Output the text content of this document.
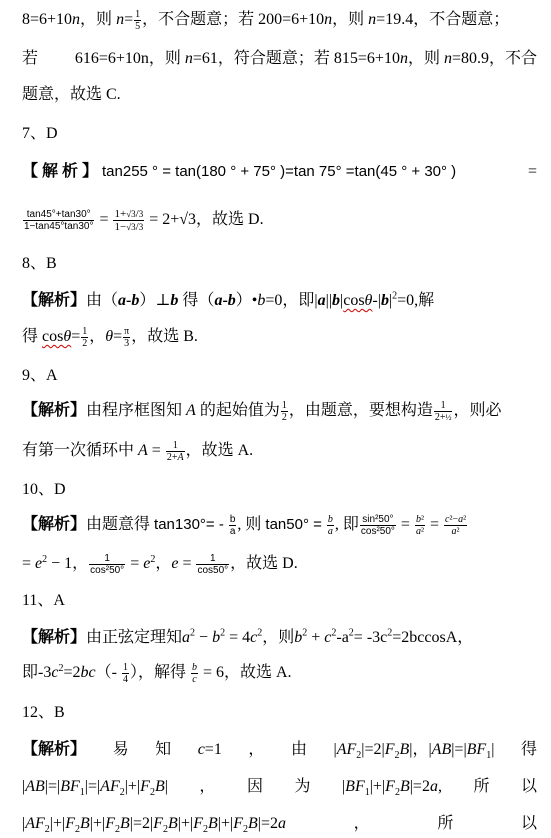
8=6+10n，则 $n= \frac{1}{5}$ ，不合题意；若 200=6+10n，则 n=19.4，不合题意；
若 616=6+10n，则 n=61，符合题意；若 815=6+10n，则 n=80.9，不合
题意，故选 C.
7、D
【 解 析 】 tan255 ° = tan(180 ° + 75° )=tan 75° =tan(45 ° + 30° )	=
$\frac{\tan 45^\circ+\tan 30^\circ}{1-\tan 45^\circ\tan 30^\circ} = \frac{1+√3/3}{1-√3/3} = 2+√3$，故选 D.
8、B
【解析】由（a-b）⊥b 得（a-b）•b=0，即$|a||b|\cos\theta-|b|^2=0$,解
得 $\cos\theta= \frac{1}{2}$ ，$\theta= \frac{\pi}{3}$ ，故选 B.
9、A
【解析】由程序框图知 A 的起始值为 $\frac{1}{2}$ ，由题意，要想构造 $\frac{1}{\text{2+½}}$ ，则必
有第一次循环中 $A = \frac{1}{2+A}$ ，故选 A.
10、D
【解析】由题意得 $\tan 130^\circ= - \frac{b}{a}$ , 则 $\tan 50^\circ = \frac{b}{a}$ , 即 $\frac{\text{sin²50°}}{\text{cos²50°}} = \frac{\text{b²}}{\text{a²}} = \frac{\text{c²−a²}}{\text{a²}}$
= $e^2 - 1$， $\frac{1}{\text{cos²50°}} = e^2$，$e = \frac{1}{\cos 50^\circ}$ ，故选 D.
11、A
【解析】由正弦定理知$a^2 - b^2 = 4c^2$，则$b^2 + c^2-a^2= -3c^2=2bccosA$，
即$-3c^2=2bc(- \frac{1}{4}$ ），解得 $\frac{b}{c} = 6$，故选 A.
12、B
【解析】 易 知 c=1 ， 由 $|AF_2|=2|F_2B|$，$|AB|=|BF_1|$ 得
$|AB|=|BF_1|=|AF_2|+|F_2B|$ ， 因 为 $|BF_1|+|F_2B|=2a$, 所 以
$|AF_2|+|F_2B|+|F_2B|=2|F_2B|+|F_2B|+|F_2B|=2a$	，	所	以
